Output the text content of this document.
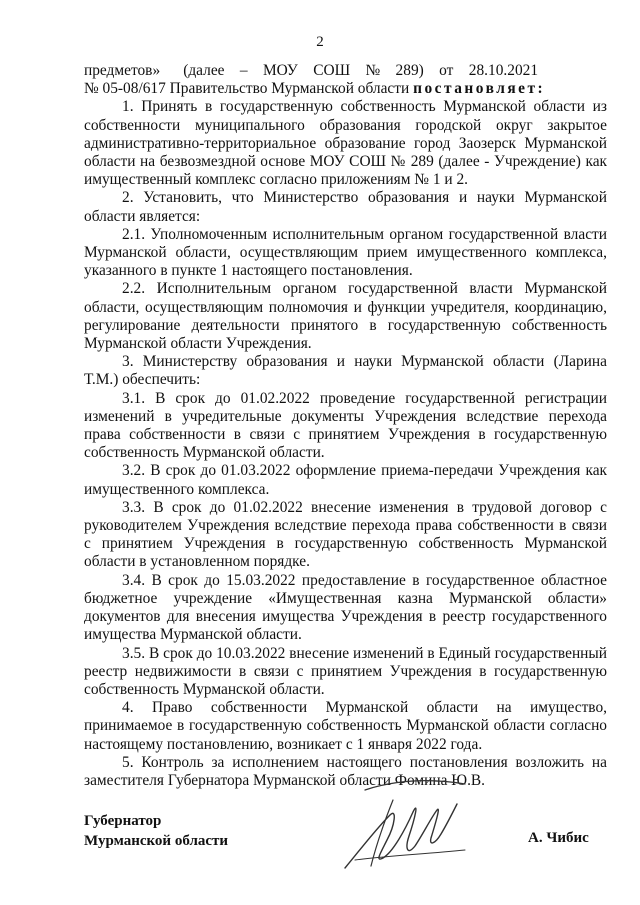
2

предметов»      (далее    –    МОУ    СОШ    №    289)    от    28.10.2021

№ 05-08/617 Правительство Мурманской области постановляет:

1. Принять в государственную собственность Мурманской области из собственности муниципального образования городской округ закрытое административно-территориальное образование город Заозерск Мурманской области на безвозмездной основе МОУ СОШ № 289 (далее - Учреждение) как имущественный комплекс согласно приложениям № 1 и 2.

2. Установить, что Министерство образования и науки Мурманской области является:

2.1. Уполномоченным исполнительным органом государственной власти Мурманской области, осуществляющим прием имущественного комплекса, указанного в пункте 1 настоящего постановления.

2.2. Исполнительным органом государственной власти Мурманской области, осуществляющим полномочия и функции учредителя, координацию, регулирование деятельности принятого в государственную собственность Мурманской области Учреждения.

3. Министерству образования и науки Мурманской области (Ларина Т.М.) обеспечить:

3.1. В срок до 01.02.2022 проведение государственной регистрации изменений в учредительные документы Учреждения вследствие перехода права собственности в связи с принятием Учреждения в государственную собственность Мурманской области.

3.2. В срок до 01.03.2022 оформление приема-передачи Учреждения как имущественного комплекса.

3.3. В срок до 01.02.2022 внесение изменения в трудовой договор с руководителем Учреждения вследствие перехода права собственности в связи с принятием Учреждения в государственную собственность Мурманской области в установленном порядке.

3.4. В срок до 15.03.2022 предоставление в государственное областное бюджетное учреждение «Имущественная казна Мурманской области» документов для внесения имущества Учреждения в реестр государственного имущества Мурманской области.

3.5. В срок до 10.03.2022 внесение изменений в Единый государственный реестр недвижимости в связи с принятием Учреждения в государственную собственность Мурманской области.

4. Право собственности Мурманской области на имущество, принимаемое в государственную собственность Мурманской области согласно настоящему постановлению, возникает с 1 января 2022 года.

5. Контроль за исполнением настоящего постановления возложить на заместителя Губернатора Мурманской области Фомина Ю.В.

Губернатор
Мурманской области	А. Чибис
